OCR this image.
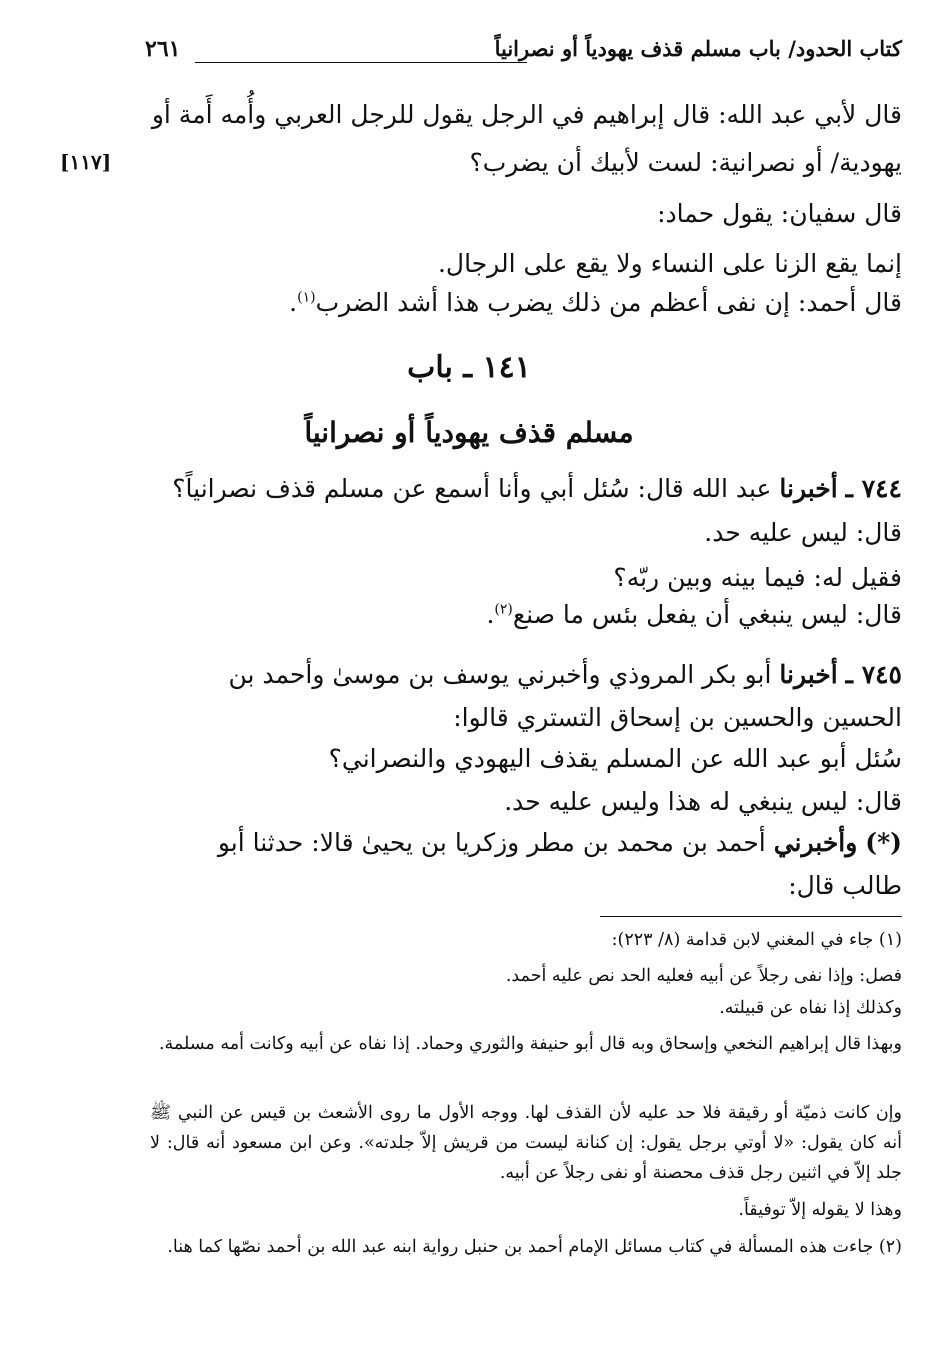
كتاب الحدود/ باب مسلم قذف يهودياً أو نصرانياً
٢٦١
[١١٧]
قال لأبي عبد الله: قال إبراهيم في الرجل يقول للرجل العربي وأُمه أَمة أو
يهودية/ أو نصرانية: لست لأبيك أن يضرب؟
قال سفيان: يقول حماد:
إنما يقع الزنا على النساء ولا يقع على الرجال.
قال أحمد: إن نفى أعظم من ذلك يضرب هذا أشد الضرب$^{(١)}$.
١٤١ ـ باب
مسلم قذف يهودياً أو نصرانياً
٧٤٤ ـ أخبرنا عبد الله قال: سُئل أبي وأنا أسمع عن مسلم قذف نصرانياً؟
قال: ليس عليه حد.
فقيل له: فيما بينه وبين ربّه؟
قال: ليس ينبغي أن يفعل بئس ما صنع$^{(٢)}$.
٧٤٥ ـ أخبرنا أبو بكر المروذي وأخبرني يوسف بن موسىٰ وأحمد بن
الحسين والحسين بن إسحاق التستري قالوا:
سُئل أبو عبد الله عن المسلم يقذف اليهودي والنصراني؟
قال: ليس ينبغي له هذا وليس عليه حد.
(*) وأخبرني أحمد بن محمد بن مطر وزكريا بن يحيىٰ قالا: حدثنا أبو
طالب قال:
(١) جاء في المغني لابن قدامة (٨/ ٢٢٣):
فصل: وإذا نفى رجلاً عن أبيه فعليه الحد نص عليه أحمد.
وكذلك إذا نفاه عن قبيلته.
وبهذا قال إبراهيم النخعي وإسحاق وبه قال أبو حنيفة والثوري وحماد. إذا نفاه عن أبيه وكانت أمه مسلمة.
وإن كانت ذميّة أو رقيقة فلا حد عليه لأن القذف لها. ووجه الأول ما روى الأشعث بن قيس عن النبي ﷺ أنه كان يقول: «لا أوتي برجل يقول: إن كنانة ليست من قريش إلاّ جلدته». وعن ابن مسعود أنه قال: لا جلد إلاّ في اثنين رجل قذف محصنة أو نفى رجلاً عن أبيه.
وهذا لا يقوله إلاّ توفيقاً.
(٢) جاءت هذه المسألة في كتاب مسائل الإمام أحمد بن حنبل رواية ابنه عبد الله بن أحمد نصّها كما هنا.
